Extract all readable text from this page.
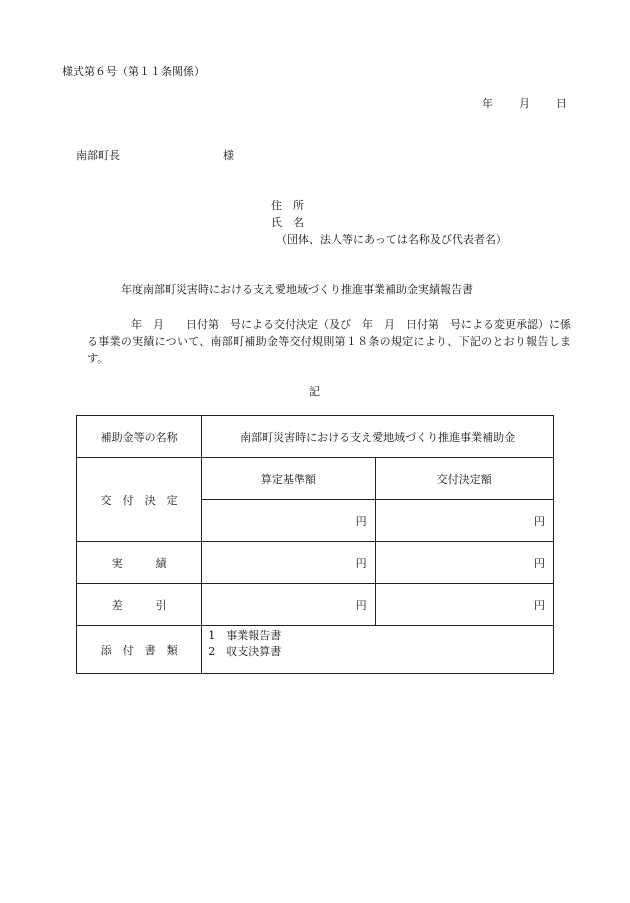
様式第６号（第１１条関係）
年 月 日
南部町長	様
住　所
氏　名
（団体、法人等にあっては名称及び代表者名）
年度南部町災害時における支え愛地域づくり推進事業補助金実績報告書
　　　　年　月　　日付第　号による交付決定（及び　年　月　日付第　号による変更承認）に係る事業の実績について、南部町補助金等交付規則第１８条の規定により、下記のとおり報告します。
記
補助金等の名称	南部町災害時における支え愛地域づくり推進事業補助金	
交　付　決　定	算定基準額	交付決定額
	円	円
実　　　績	円	円
差　　　引	円	円
添　付　書　類	1　事業報告書
2　収支決算書	
